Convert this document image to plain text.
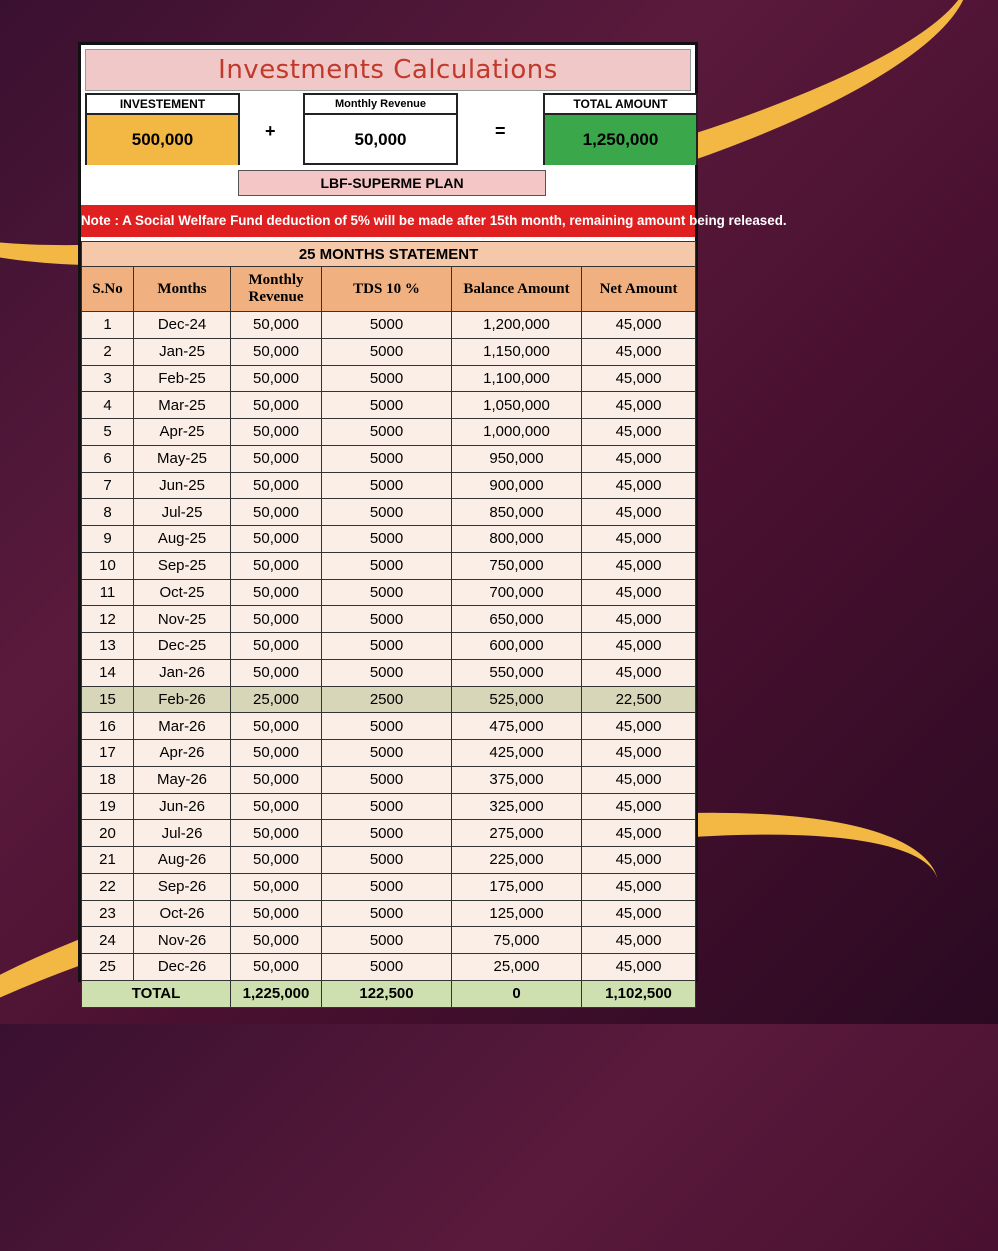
Investments Calculations
INVESTEMENT
500,000	+
Monthly Revenue
50,000	=
TOTAL AMOUNT
1,250,000
LBF-SUPERME PLAN
Note : A Social Welfare Fund deduction of 5% will be made after 15th month, remaining amount being released.
25 MONTHS STATEMENT					
S.No	Months	Monthly Revenue	TDS 10 %	Balance Amount	Net Amount
1	Dec-24	50,000	5000	1,200,000	45,000
2	Jan-25	50,000	5000	1,150,000	45,000
3	Feb-25	50,000	5000	1,100,000	45,000
4	Mar-25	50,000	5000	1,050,000	45,000
5	Apr-25	50,000	5000	1,000,000	45,000
6	May-25	50,000	5000	950,000	45,000
7	Jun-25	50,000	5000	900,000	45,000
8	Jul-25	50,000	5000	850,000	45,000
9	Aug-25	50,000	5000	800,000	45,000
10	Sep-25	50,000	5000	750,000	45,000
11	Oct-25	50,000	5000	700,000	45,000
12	Nov-25	50,000	5000	650,000	45,000
13	Dec-25	50,000	5000	600,000	45,000
14	Jan-26	50,000	5000	550,000	45,000
15	Feb-26	25,000	2500	525,000	22,500
16	Mar-26	50,000	5000	475,000	45,000
17	Apr-26	50,000	5000	425,000	45,000
18	May-26	50,000	5000	375,000	45,000
19	Jun-26	50,000	5000	325,000	45,000
20	Jul-26	50,000	5000	275,000	45,000
21	Aug-26	50,000	5000	225,000	45,000
22	Sep-26	50,000	5000	175,000	45,000
23	Oct-26	50,000	5000	125,000	45,000
24	Nov-26	50,000	5000	75,000	45,000
25	Dec-26	50,000	5000	25,000	45,000
TOTAL		1,225,000	122,500	0	1,102,500
